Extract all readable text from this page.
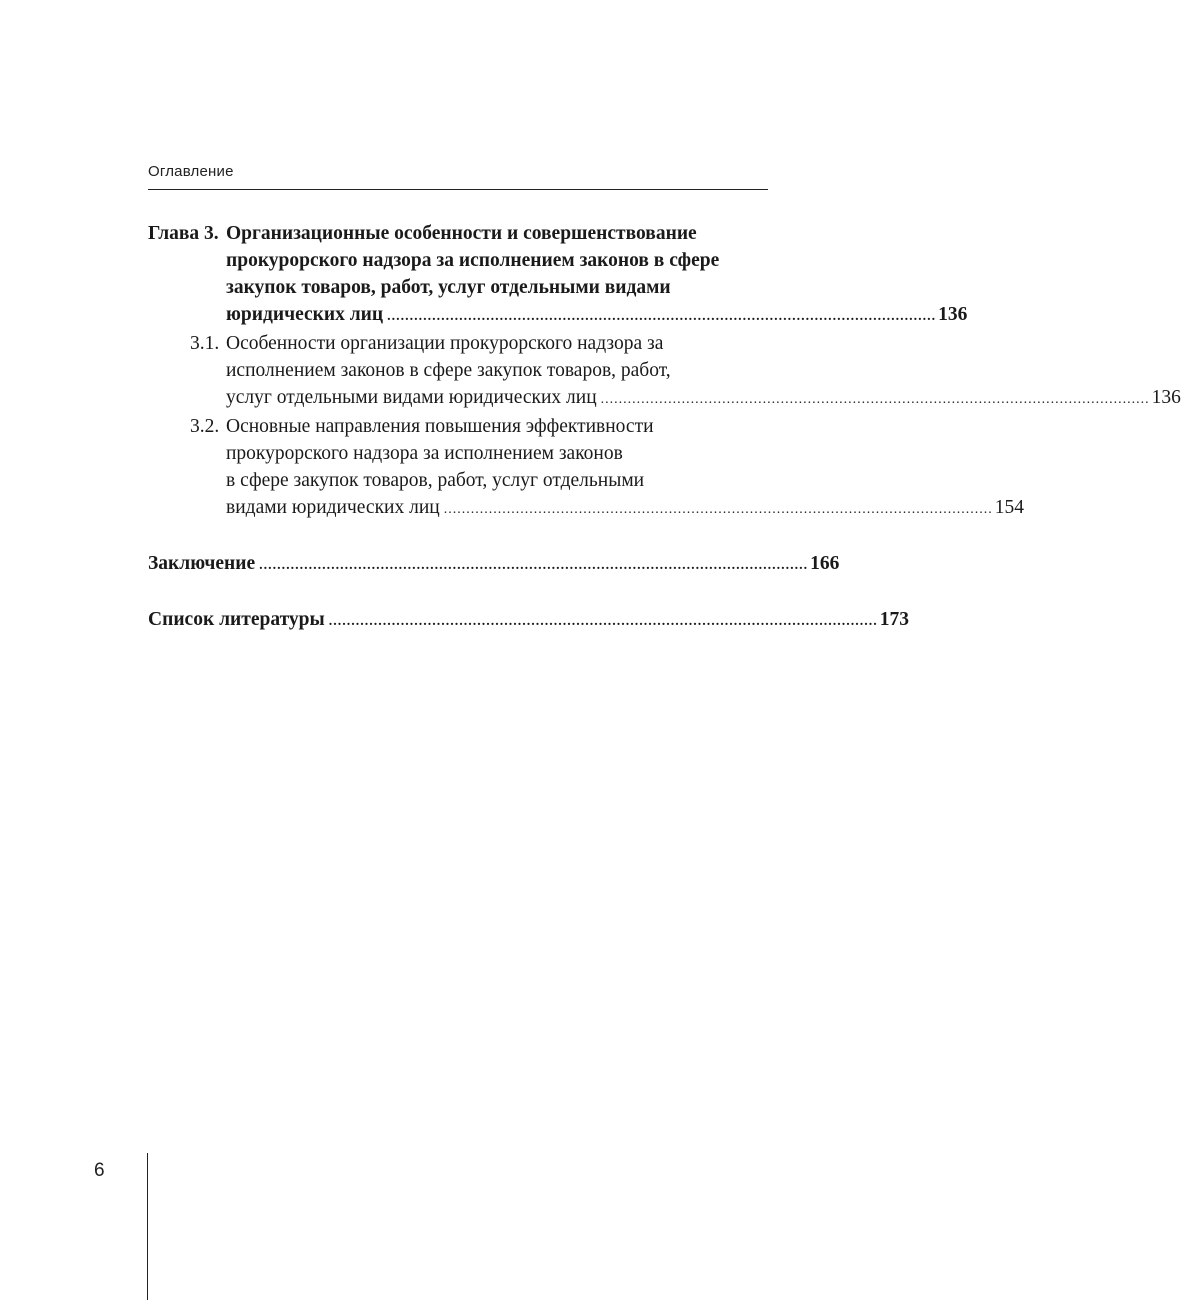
Оглавление
Глава 3. Организационные особенности и совершенствование
прокурорского надзора за исполнением законов в сфере
закупок товаров, работ, услуг отдельными видами
юридических лиц .......................................................................................................................... 136
3.1. Особенности организации прокурорского надзора за
исполнением законов в сфере закупок товаров, работ,
услуг отдельными видами юридических лиц .......................................................................................................................... 136
3.2. Основные направления повышения эффективности
прокурорского надзора за исполнением законов
в сфере закупок товаров, работ, услуг отдельными
видами юридических лиц .......................................................................................................................... 154
Заключение .......................................................................................................................... 166
Список литературы .......................................................................................................................... 173
6
